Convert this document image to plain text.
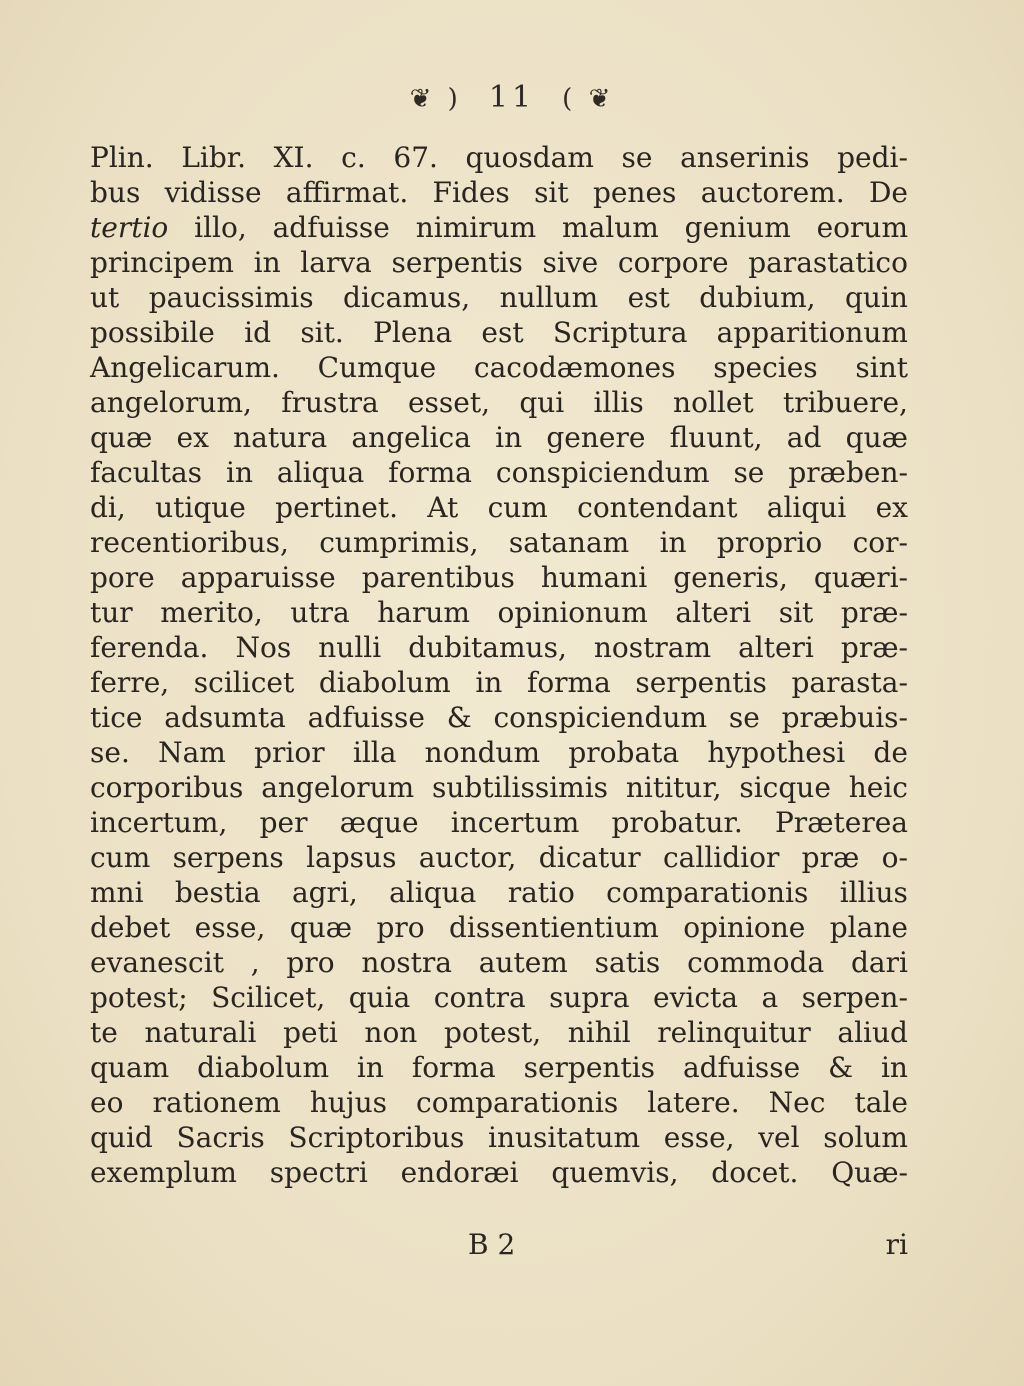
❦ ) 11 ( ❦
Plin. Libr. XI. c. 67. quosdam se anserinis pedi-
bus vidisse affirmat. Fides sit penes auctorem. De
tertio illo, adfuisse nimirum malum genium eorum
principem in larva serpentis sive corpore parastatico
ut paucissimis dicamus, nullum est dubium, quin
possibile id sit. Plena est Scriptura apparitionum
Angelicarum. Cumque cacodæmones species sint
angelorum, frustra esset, qui illis nollet tribuere,
quæ ex natura angelica in genere fluunt, ad quæ
facultas in aliqua forma conspiciendum se præben-
di, utique pertinet. At cum contendant aliqui ex
recentioribus, cumprimis, satanam in proprio cor-
pore apparuisse parentibus humani generis, quæri-
tur merito, utra harum opinionum alteri sit præ-
ferenda. Nos nulli dubitamus, nostram alteri præ-
ferre, scilicet diabolum in forma serpentis parasta-
tice adsumta adfuisse & conspiciendum se præbuis-
se. Nam prior illa nondum probata hypothesi de
corporibus angelorum subtilissimis nititur, sicque heic
incertum, per æque incertum probatur. Præterea
cum serpens lapsus auctor, dicatur callidior præ o-
mni bestia agri, aliqua ratio comparationis illius
debet esse, quæ pro dissentientium opinione plane
evanescit , pro nostra autem satis commoda dari
potest; Scilicet, quia contra supra evicta a serpen-
te naturali peti non potest, nihil relinquitur aliud
quam diabolum in forma serpentis adfuisse & in
eo rationem hujus comparationis latere. Nec tale
quid Sacris Scriptoribus inusitatum esse, vel solum
exemplum spectri endoræi quemvis, docet. Quæ-
B 2	ri
